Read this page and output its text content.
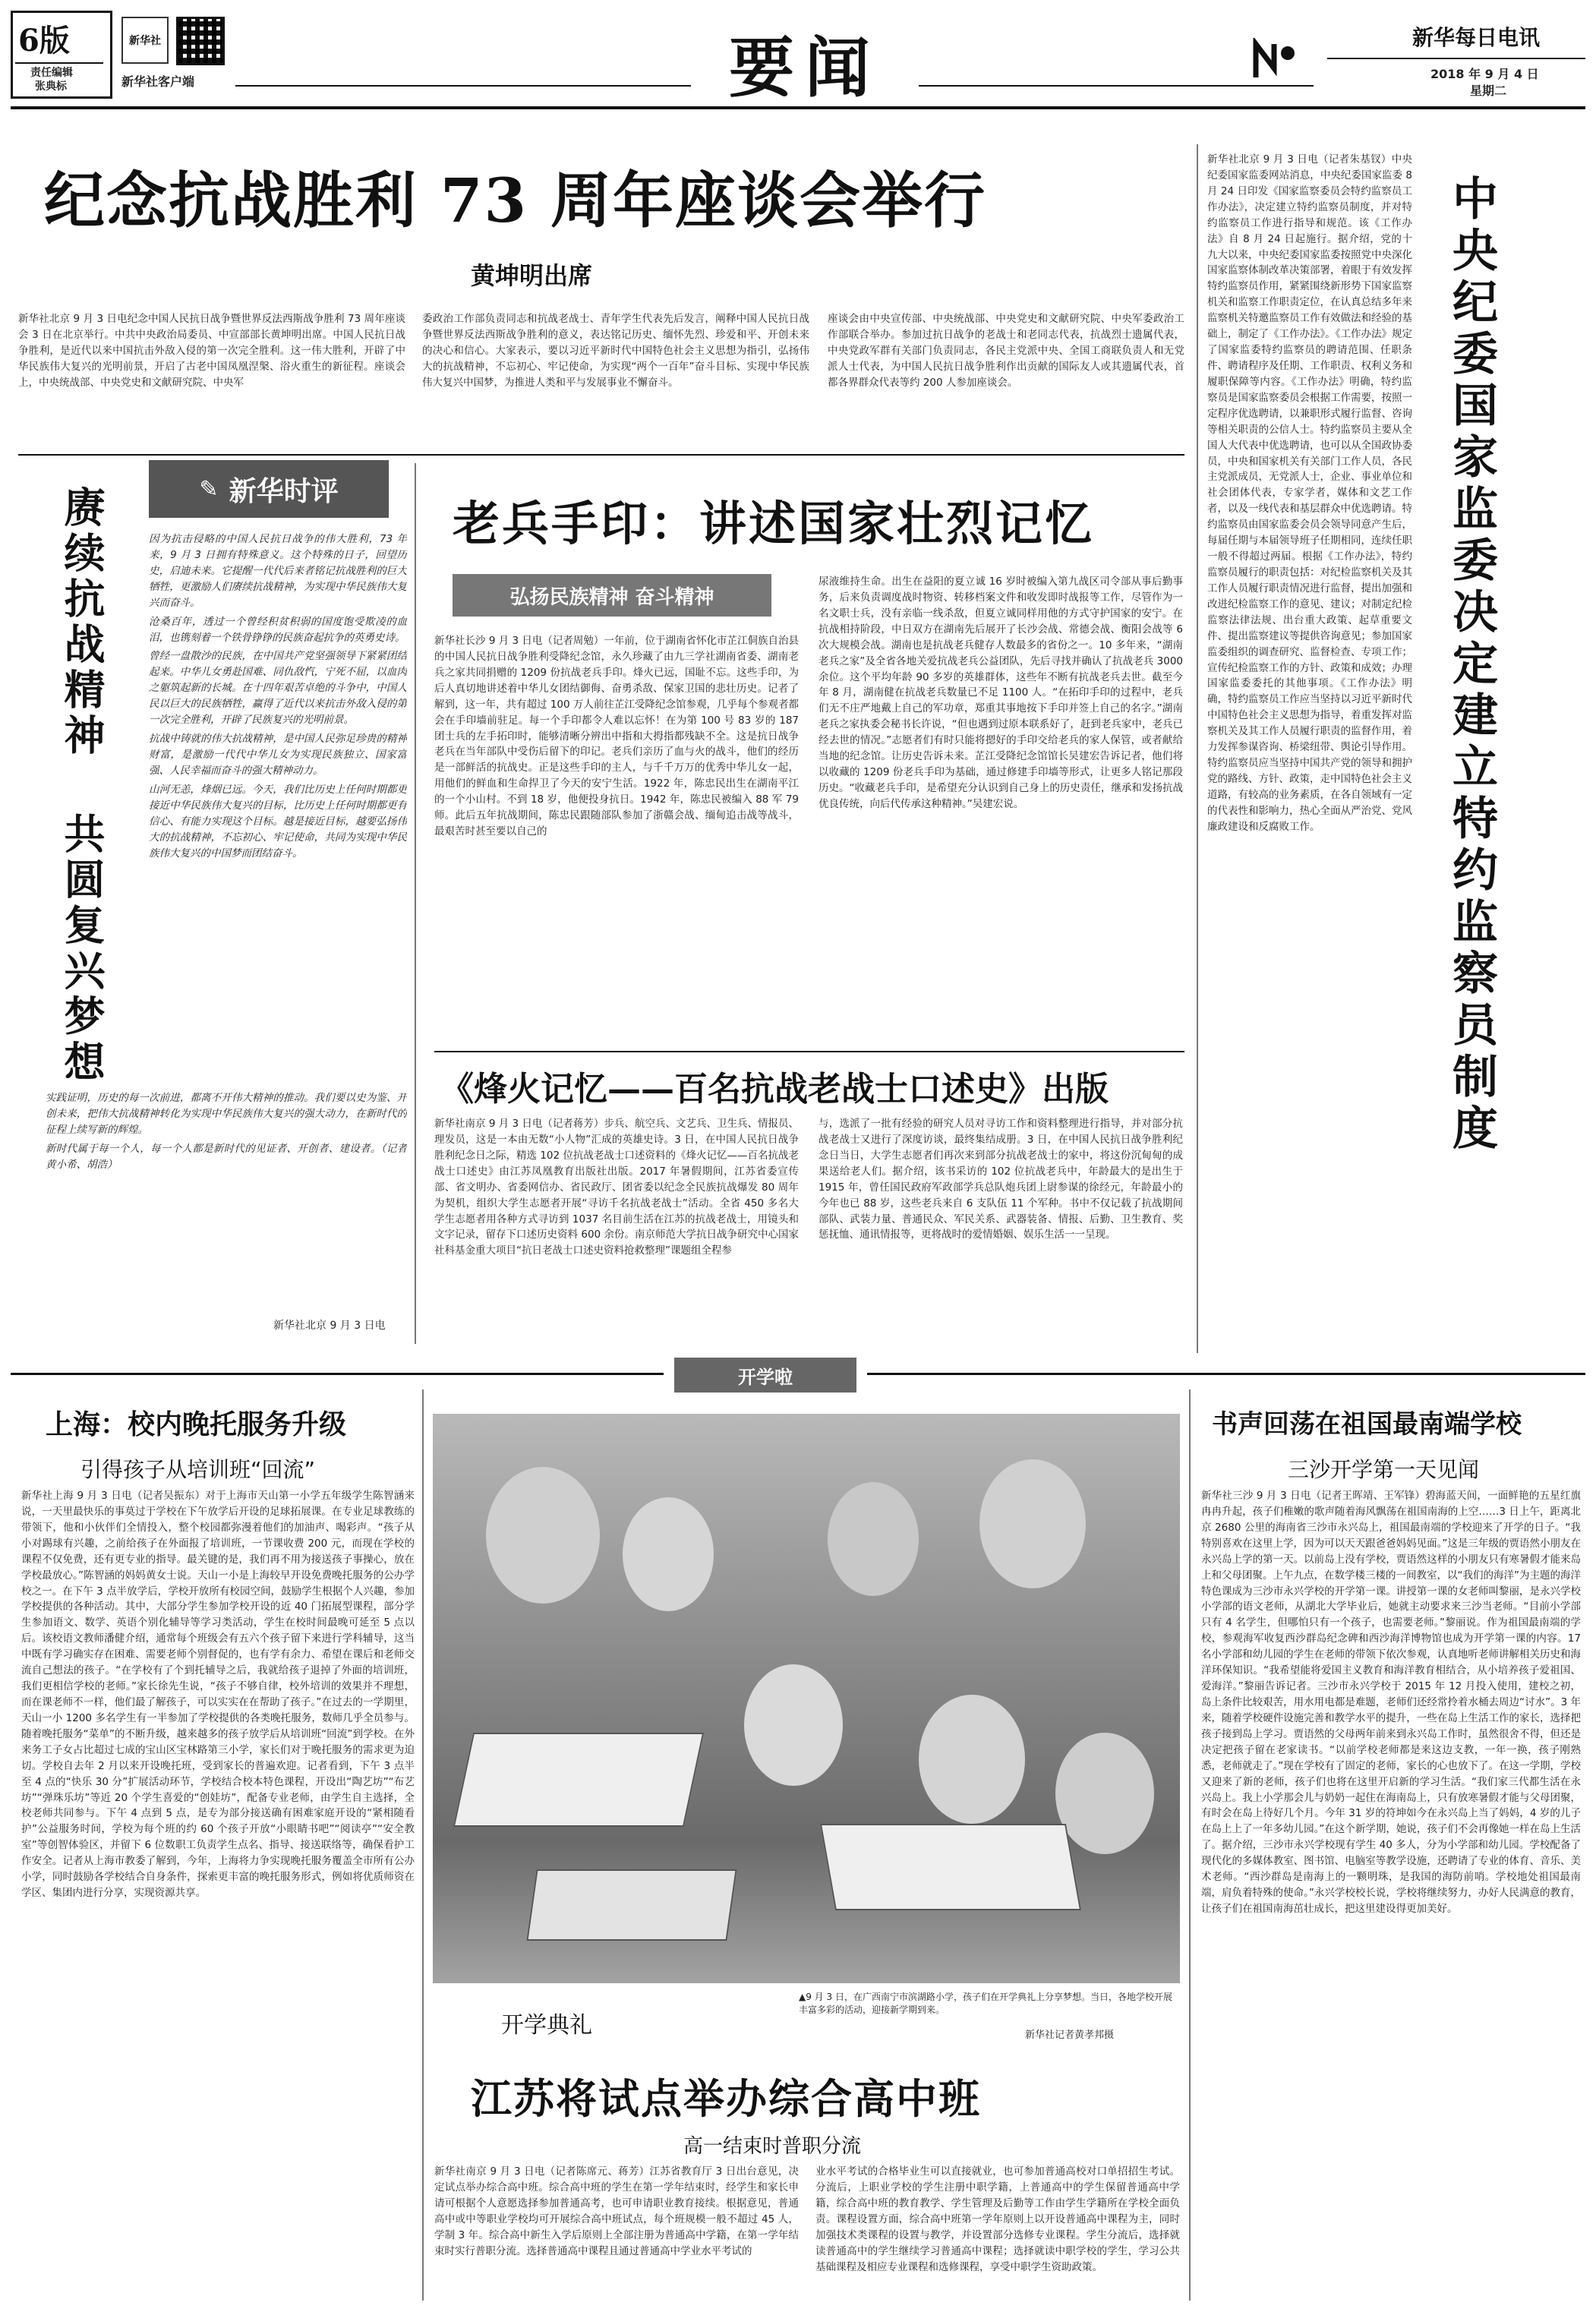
6版
责任编辑
张典标
新华社
新华社客户端	要闻	新华每日电讯
2018 年 9 月 4 日
星期二
纪念抗战胜利 73 周年座谈会举行
黄坤明出席
新华社北京 9 月 3 日电纪念中国人民抗日战争暨世界反法西斯战争胜利 73 周年座谈会 3 日在北京举行。中共中央政治局委员、中宣部部长黄坤明出席。中国人民抗日战争胜利，是近代以来中国抗击外敌入侵的第一次完全胜利。这一伟大胜利，开辟了中华民族伟大复兴的光明前景，开启了古老中国凤凰涅槃、浴火重生的新征程。座谈会上，中央统战部、中央党史和文献研究院、中央军
委政治工作部负责同志和抗战老战士、青年学生代表先后发言，阐释中国人民抗日战争暨世界反法西斯战争胜利的意义，表达铭记历史、缅怀先烈、珍爱和平、开创未来的决心和信心。大家表示，要以习近平新时代中国特色社会主义思想为指引，弘扬伟大的抗战精神，不忘初心、牢记使命，为实现“两个一百年”奋斗目标、实现中华民族伟大复兴中国梦，为推进人类和平与发展事业不懈奋斗。
座谈会由中央宣传部、中央统战部、中央党史和文献研究院、中央军委政治工作部联合举办。参加过抗日战争的老战士和老同志代表，抗战烈士遗属代表，中央党政军群有关部门负责同志，各民主党派中央、全国工商联负责人和无党派人士代表，为中国人民抗日战争胜利作出贡献的国际友人或其遗属代表，首都各界群众代表等约 200 人参加座谈会。
新华社北京 9 月 3 日电（记者朱基钗）中央纪委国家监委网站消息，中央纪委国家监委 8 月 24 日印发《国家监察委员会特约监察员工作办法》，决定建立特约监察员制度，并对特约监察员工作进行指导和规范。该《工作办法》自 8 月 24 日起施行。据介绍，党的十九大以来，中央纪委国家监委按照党中央深化国家监察体制改革决策部署，着眼于有效发挥特约监察员作用，紧紧围绕新形势下国家监察机关和监察工作职责定位，在认真总结多年来监察机关特邀监察员工作有效做法和经验的基础上，制定了《工作办法》。《工作办法》规定了国家监委特约监察员的聘请范围、任职条件、聘请程序及任期、工作职责、权利义务和履职保障等内容。《工作办法》明确，特约监察员是国家监察委员会根据工作需要，按照一定程序优选聘请，以兼职形式履行监督、咨询等相关职责的公信人士。特约监察员主要从全国人大代表中优选聘请，也可以从全国政协委员，中央和国家机关有关部门工作人员，各民主党派成员，无党派人士，企业、事业单位和社会团体代表，专家学者，媒体和文艺工作者，以及一线代表和基层群众中优选聘请。特约监察员由国家监委会员会领导同意产生后，每届任期与本届领导班子任期相同，连续任职一般不得超过两届。根据《工作办法》，特约监察员履行的职责包括：对纪检监察机关及其工作人员履行职责情况进行监督，提出加强和改进纪检监察工作的意见、建议；对制定纪检监察法律法规、出台重大政策、起草重要文件、提出监察建议等提供咨询意见；参加国家监委组织的调查研究、监督检查、专项工作；宣传纪检监察工作的方针、政策和成效；办理国家监委委托的其他事项。《工作办法》明确，特约监察员工作应当坚持以习近平新时代中国特色社会主义思想为指导，着重发挥对监察机关及其工作人员履行职责的监督作用，着力发挥参谋咨询、桥梁纽带、舆论引导作用。特约监察员应当坚持中国共产党的领导和拥护党的路线、方针、政策，走中国特色社会主义道路，有较高的业务素质，在各自领域有一定的代表性和影响力，热心全面从严治党、党风廉政建设和反腐败工作。	中央纪委国家监委决定建立特约监察员制度
✎ 新华时评
赓续抗战精神
共圆复兴梦想

因为抗击侵略的中国人民抗日战争的伟大胜利，73 年来，9 月 3 日拥有特殊意义。这个特殊的日子，回望历史，启迪未来。它提醒一代代后来者铭记抗战胜利的巨大牺牲，更激励人们赓续抗战精神，为实现中华民族伟大复兴而奋斗。

沧桑百年，透过一个曾经积贫积弱的国度饱受欺凌的血泪，也镌刻着一个铁骨铮铮的民族奋起抗争的英勇史诗。

曾经一盘散沙的民族，在中国共产党坚强领导下紧紧团结起来。中华儿女勇赴国难、同仇敌忾，宁死不屈，以血肉之躯筑起新的长城。在十四年艰苦卓绝的斗争中，中国人民以巨大的民族牺牲，赢得了近代以来抗击外敌入侵的第一次完全胜利，开辟了民族复兴的光明前景。

抗战中铸就的伟大抗战精神，是中国人民弥足珍贵的精神财富，是激励一代代中华儿女为实现民族独立、国家富强、人民幸福而奋斗的强大精神动力。

山河无恙，烽烟已远。今天，我们比历史上任何时期都更接近中华民族伟大复兴的目标，比历史上任何时期都更有信心、有能力实现这个目标。越是接近目标，越要弘扬伟大的抗战精神，不忘初心、牢记使命，共同为实现中华民族伟大复兴的中国梦而团结奋斗。

实践证明，历史的每一次前进，都离不开伟大精神的推动。我们要以史为鉴、开创未来，把伟大抗战精神转化为实现中华民族伟大复兴的强大动力，在新时代的征程上续写新的辉煌。

新时代属于每一个人，每一个人都是新时代的见证者、开创者、建设者。（记者黄小希、胡浩）

新华社北京 9 月 3 日电
老兵手印：讲述国家壮烈记忆
弘扬民族精神 奋斗精神
新华社长沙 9 月 3 日电（记者周勉）一年前，位于湖南省怀化市芷江侗族自治县的中国人民抗日战争胜利受降纪念馆，永久珍藏了由九三学社湖南省委、湖南老兵之家共同捐赠的 1209 份抗战老兵手印。烽火已远，国耻不忘。这些手印，为后人真切地讲述着中华儿女团结御侮、奋勇杀敌、保家卫国的悲壮历史。记者了解到，这一年，共有超过 100 万人前往芷江受降纪念馆参观，几乎每个参观者都会在手印墙前驻足。每一个手印都令人难以忘怀！在为第 100 号 83 岁的 187 团士兵的左手拓印时，能够清晰分辨出中指和大拇指都残缺不全。这是抗日战争老兵在当年部队中受伤后留下的印记。老兵们亲历了血与火的战斗，他们的经历是一部鲜活的抗战史。正是这些手印的主人，与千千万万的优秀中华儿女一起，用他们的鲜血和生命捍卫了今天的安宁生活。1922 年，陈忠民出生在湖南平江的一个小山村。不到 18 岁，他便投身抗日。1942 年，陈忠民被编入 88 军 79 师。此后五年抗战期间，陈忠民跟随部队参加了浙赣会战、缅甸追击战等战斗，最艰苦时甚至要以自己的
尿液维持生命。出生在益阳的夏立诚 16 岁时被编入第九战区司令部从事后勤事务，后来负责调度战时物资、转移档案文件和收发即时战报等工作，尽管作为一名文职士兵，没有亲临一线杀敌，但夏立诚同样用他的方式守护国家的安宁。在抗战相持阶段，中日双方在湖南先后展开了长沙会战、常德会战、衡阳会战等 6 次大规模会战。湖南也是抗战老兵健存人数最多的省份之一。10 多年来，“湖南老兵之家”及全省各地关爱抗战老兵公益团队，先后寻找并确认了抗战老兵 3000 余位。这个平均年龄 90 多岁的英雄群体，这些年不断有抗战老兵去世。截至今年 8 月，湖南健在抗战老兵数量已不足 1100 人。“在拓印手印的过程中，老兵们无不庄严地戴上自己的军功章，郑重其事地按下手印并签上自己的名字。”湖南老兵之家执委会秘书长许说，“但也遇到过原本联系好了，赶到老兵家中，老兵已经去世的情况。”志愿者们有时只能将摁好的手印交给老兵的家人保管，或者献给当地的纪念馆。让历史告诉未来。芷江受降纪念馆馆长吴建宏告诉记者，他们将以收藏的 1209 份老兵手印为基础，通过修建手印墙等形式，让更多人铭记那段历史。“收藏老兵手印，是希望充分认识到自己身上的历史责任，继承和发扬抗战优良传统，向后代传承这种精神。”吴建宏说。
《烽火记忆——百名抗战老战士口述史》出版
新华社南京 9 月 3 日电（记者蒋芳）步兵、航空兵、文艺兵、卫生兵、情报员、理发员，这是一本由无数“小人物”汇成的英雄史诗。3 日，在中国人民抗日战争胜利纪念日之际，精选 102 位抗战老战士口述资料的《烽火记忆——百名抗战老战士口述史》由江苏凤凰教育出版社出版。2017 年暑假期间，江苏省委宣传部、省文明办、省委网信办、省民政厅、团省委以纪念全民族抗战爆发 80 周年为契机，组织大学生志愿者开展“寻访千名抗战老战士”活动。全省 450 多名大学生志愿者用各种方式寻访到 1037 名目前生活在江苏的抗战老战士，用镜头和文字记录，留存下口述历史资料 600 余份。南京师范大学抗日战争研究中心国家社科基金重大项目“抗日老战士口述史资料抢救整理”课题组全程参
与，选派了一批有经验的研究人员对寻访工作和资料整理进行指导，并对部分抗战老战士又进行了深度访谈，最终集结成册。3 日，在中国人民抗日战争胜利纪念日当日，大学生志愿者们再次来到部分抗战老战士的家中，将这份沉甸甸的成果送给老人们。据介绍，该书采访的 102 位抗战老兵中，年龄最大的是出生于 1915 年，曾任国民政府军政部学兵总队炮兵团上尉参谋的徐经元，年龄最小的今年也已 88 岁，这些老兵来自 6 支队伍 11 个军种。书中不仅记载了抗战期间部队、武装力量、普通民众、军民关系、武器装备、情报、后勤、卫生教育、奖惩抚恤、通讯情报等，更将战时的爱情婚姻、娱乐生活一一呈现。
开学啦
上海：校内晚托服务升级
引得孩子从培训班“回流”
新华社上海 9 月 3 日电（记者吴振东）对于上海市天山第一小学五年级学生陈智涵来说，一天里最快乐的事莫过于学校在下午放学后开设的足球拓展课。在专业足球教练的带领下，他和小伙伴们全情投入，整个校园都弥漫着他们的加油声、喝彩声。“孩子从小对踢球有兴趣，之前给孩子在外面报了培训班，一节课收费 200 元，而现在学校的课程不仅免费，还有更专业的指导。最关键的是，我们再不用为接送孩子事操心，放在学校最放心。”陈智涵的妈妈黄女士说。天山一小是上海较早开设免费晚托服务的公办学校之一。在下午 3 点半放学后，学校开放所有校园空间，鼓励学生根据个人兴趣，参加学校提供的各种活动。其中，大部分学生参加学校开设的近 40 门拓展型课程，部分学生参加语文、数学、英语个别化辅导等学习类活动，学生在校时间最晚可延至 5 点以后。该校语文教师潘健介绍，通常每个班级会有五六个孩子留下来进行学科辅导，这当中既有学习确实存在困难、需要老师个别督促的，也有学有余力、希望在课后和老师交流自己想法的孩子。“在学校有了个到托辅导之后，我就给孩子退掉了外面的培训班，我们更相信学校的老师。”家长徐先生说，“孩子不够自律，校外培训的效果并不理想，而在课老师不一样，他们最了解孩子，可以实实在在帮助了孩子。”在过去的一学期里，天山一小 1200 多名学生有一半参加了学校提供的各类晚托服务，数师几乎全员参与。随着晚托服务“菜单”的不断升级，越来越多的孩子放学后从培训班“回流”到学校。在外来务工子女占比超过七成的宝山区宝林路第三小学，家长们对于晚托服务的需求更为迫切。学校自去年 2 月以来开设晚托班，受到家长的普遍欢迎。记者看到，下午 3 点半至 4 点的“快乐 30 分”扩展活动环节，学校结合校本特色课程，开设出“陶艺坊”“布艺坊”“弹珠乐坊”等近 20 个学生喜爱的“创娃坊”，配备专业老师，由学生自主选择，全校老师共同参与。下午 4 点到 5 点，是专为部分接送确有困难家庭开设的“紧相随看护”公益服务时间，学校为每个班的约 60 个孩子开放“小眼睛书吧”“阅读亭”“安全教室”等创智体验区，并留下 6 位数职工负责学生点名、指导、接送联络等，确保看护工作安全。记者从上海市教委了解到，今年，上海将力争实现晚托服务覆盖全市所有公办小学，同时鼓励各学校结合自身条件，探索更丰富的晚托服务形式，例如将优质师资在学区、集团内进行分享，实现资源共享。
开学典礼
▲9 月 3 日，在广西南宁市滨湖路小学，孩子们在开学典礼上分享梦想。当日，各地学校开展丰富多彩的活动，迎接新学期到来。
新华社记者黄孝邦摄
江苏将试点举办综合高中班
高一结束时普职分流
新华社南京 9 月 3 日电（记者陈席元、蒋芳）江苏省教育厅 3 日出台意见，决定试点举办综合高中班。综合高中班的学生在第一学年结束时，经学生和家长申请可根据个人意愿选择参加普通高考，也可申请职业教育接续。根据意见，普通高中或中等职业学校均可开展综合高中班试点，每个班规模一般不超过 45 人，学制 3 年。综合高中新生入学后原则上全部注册为普通高中学籍，在第一学年结束时实行普职分流。选择普通高中课程且通过普通高中学业水平考试的
业水平考试的合格毕业生可以直接就业，也可参加普通高校对口单招招生考试。分流后，上职业学校的学生注册中职学籍，上普通高中的学生保留普通高中学籍，综合高中班的教育教学、学生管理及后勤等工作由学生学籍所在学校全面负责。课程设置方面，综合高中班第一学年原则上以开设普通高中课程为主，同时加强技术类课程的设置与教学，并设置部分选修专业课程。学生分流后，选择就读普通高中的学生继续学习普通高中课程；选择就读中职学校的学生，学习公共基础课程及相应专业课程和选修课程，享受中职学生资助政策。
书声回荡在祖国最南端学校
三沙开学第一天见闻
新华社三沙 9 月 3 日电（记者王晖靖、王军锋）碧海蓝天间，一面鲜艳的五星红旗冉冉升起，孩子们稚嫩的歌声随着海风飘荡在祖国南海的上空……3 日上午，距离北京 2680 公里的海南省三沙市永兴岛上，祖国最南端的学校迎来了开学的日子。“我特别喜欢在这里上学，因为可以天天跟爸爸妈妈见面。”这是三年级的贾语然小朋友在永兴岛上学的第一天。以前岛上没有学校，贾语然这样的小朋友只有寒暑假才能来岛上和父母团聚。上午九点，在数学楼三楼的一间教室，以“我们的海洋”为主题的海洋特色课成为三沙市永兴学校的开学第一课。讲授第一课的女老师叫黎丽，是永兴学校小学部的语文老师，从湖北大学毕业后，她就主动要求来三沙当老师。“目前小学部只有 4 名学生，但哪怕只有一个孩子，也需要老师。”黎丽说。作为祖国最南端的学校，参观海军收复西沙群岛纪念碑和西沙海洋博物馆也成为开学第一课的内容。17 名小学部和幼儿园的学生在老师的带领下依次参观，认真地听老师讲解相关历史和海洋环保知识。“我希望能将爱国主义教育和海洋教育相结合，从小培养孩子爱祖国、爱海洋。”黎丽告诉记者。三沙市永兴学校于 2015 年 12 月投入使用，建校之初，岛上条件比较艰苦，用水用电都是难题，老师们还经常拎着水桶去周边“讨水”。3 年来，随着学校硬件设施完善和教学水平的提升，一些在岛上生活工作的家长，选择把孩子接到岛上学习。贾语然的父母两年前来到永兴岛工作时，虽然很舍不得，但还是决定把孩子留在老家读书。“以前学校老师都是来这边支教，一年一换，孩子刚熟悉，老师就走了。”现在学校有了固定的老师，家长的心也放下了。在这一学期，学校又迎来了新的老师，孩子们也将在这里开启新的学习生活。“我们家三代都生活在永兴岛上。我上小学那会儿与奶奶一起住在海南岛上，只有放寒暑假才能与父母团聚，有时会在岛上待好几个月。今年 31 岁的符坤如今在永兴岛上当了妈妈，4 岁的儿子在岛上上了一年多幼儿园。”在这个新学期，她说，孩子们不会再像她一样在岛上生活了。据介绍，三沙市永兴学校现有学生 40 多人，分为小学部和幼儿园。学校配备了现代化的多媒体教室、图书馆、电脑室等教学设施，还聘请了专业的体育、音乐、美术老师。“西沙群岛是南海上的一颗明珠，是我国的海防前哨。学校地处祖国最南端，肩负着特殊的使命。”永兴学校校长说，学校将继续努力，办好人民满意的教育，让孩子们在祖国南海茁壮成长，把这里建设得更加美好。
